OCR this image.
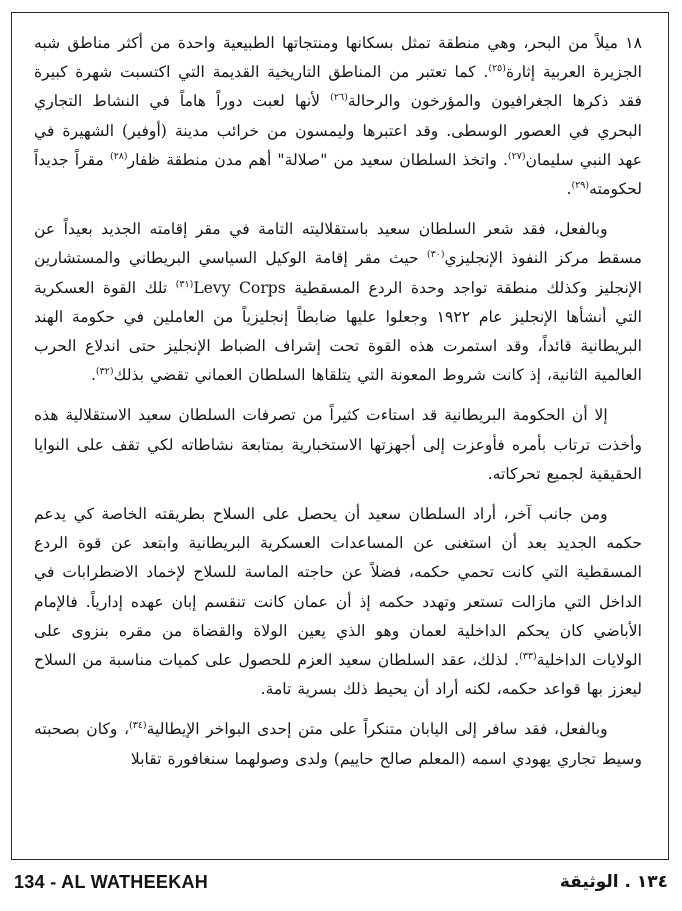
١٨ ميلاً من البحر، وهي منطقة تمثل بسكانها ومنتجاتها الطبيعية واحدة من أكثر مناطق شبه الجزيرة العربية إثارة$^{(٢٥)}$. كما تعتبر من المناطق التاريخية القديمة التي اكتسبت شهرة كبيرة فقد ذكرها الجغرافيون والمؤرخون والرحالة$^{(٢٦)}$ لأنها لعبت دوراً هاماً في النشاط التجاري البحري في العصور الوسطى. وقد اعتبرها وليمسون من خرائب مدينة (أوفير) الشهيرة في عهد النبي سليمان$^{(٢٧)}$. واتخذ السلطان سعيد من "صلالة" أهم مدن منطقة ظفار$^{(٢٨)}$ مقراً جديداً لحكومته$^{(٢٩)}$.

وبالفعل، فقد شعر السلطان سعيد باستقلاليته التامة في مقر إقامته الجديد بعيداً عن مسقط مركز النفوذ الإنجليزي$^{(٣٠)}$ حيث مقر إقامة الوكيل السياسي البريطاني والمستشارين الإنجليز وكذلك منطقة تواجد وحدة الردع المسقطية Levy Corps$^{(٣١)}$ تلك القوة العسكرية التي أنشأها الإنجليز عام ١٩٢٢ وجعلوا عليها ضابطاً إنجليزياً من العاملين في حكومة الهند البريطانية قائداً، وقد استمرت هذه القوة تحت إشراف الضباط الإنجليز حتى اندلاع الحرب العالمية الثانية، إذ كانت شروط المعونة التي يتلقاها السلطان العماني تقضي بذلك$^{(٣٢)}$.

إلا أن الحكومة البريطانية قد استاءت كثيراً من تصرفات السلطان سعيد الاستقلالية هذه وأخذت ترتاب بأمره فأوعزت إلى أجهزتها الاستخبارية بمتابعة نشاطاته لكي تقف على النوايا الحقيقية لجميع تحركاته.

ومن جانب آخر، أراد السلطان سعيد أن يحصل على السلاح بطريقته الخاصة كي يدعم حكمه الجديد بعد أن استغنى عن المساعدات العسكرية البريطانية وابتعد عن قوة الردع المسقطية التي كانت تحمي حكمه، فضلاً عن حاجته الماسة للسلاح لإخماد الاضطرابات في الداخل التي مازالت تستعر وتهدد حكمه إذ أن عمان كانت تنقسم إبان عهده إدارياً. فالإمام الأباضي كان يحكم الداخلية لعمان وهو الذي يعين الولاة والقضاة من مقره بنزوى على الولايات الداخلية$^{(٣٣)}$. لذلك، عقد السلطان سعيد العزم للحصول على كميات مناسبة من السلاح ليعزز بها قواعد حكمه، لكنه أراد أن يحيط ذلك بسرية تامة.

وبالفعل، فقد سافر إلى اليابان متنكراً على متن إحدى البواخر الإيطالية$^{(٣٤)}$، وكان بصحبته وسيط تجاري يهودي اسمه (المعلم صالح حاييم) ولدى وصولهما سنغافورة تقابلا

134 - AL WATHEEKAH	١٣٤ . الوثيقة
